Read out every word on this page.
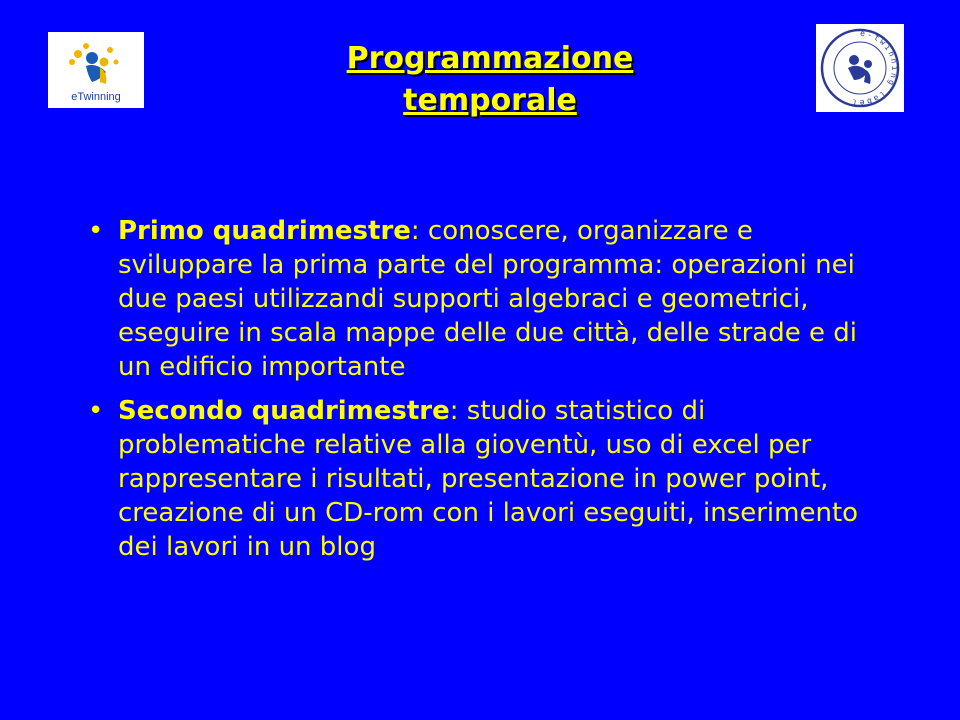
eTwinning
e-twinning label
Programmazione
temporale
• Primo quadrimestre: conoscere, organizzare e sviluppare la prima parte del programma: operazioni nei due paesi utilizzandi supporti algebraci e geometrici, eseguire in scala mappe delle due città, delle strade e di un edificio importante
• Secondo quadrimestre: studio statistico di problematiche relative alla gioventù, uso di excel per rappresentare i risultati, presentazione in power point, creazione di un CD-rom con i lavori eseguiti, inserimento dei lavori in un blog
